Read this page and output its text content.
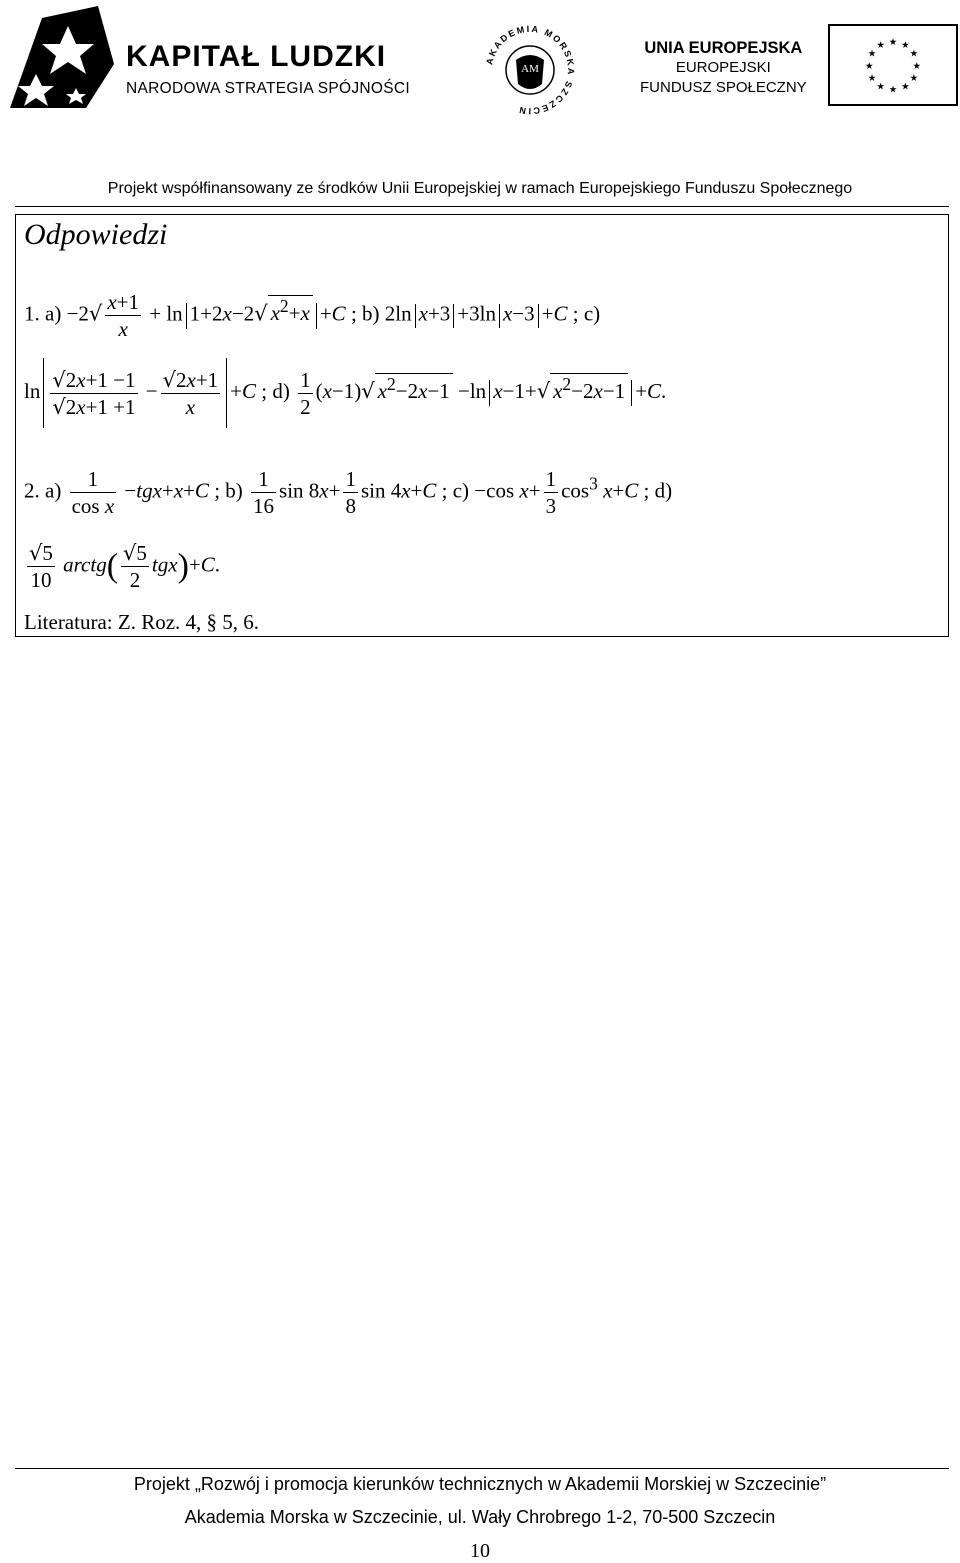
KAPITAŁ LUDZKI
NARODOWA STRATEGIA SPÓJNOŚCI
AKADEMIA MORSKA SZCZECIN
AM
UNIA EUROPEJSKA
EUROPEJSKI
FUNDUSZ SPOŁECZNY
★ ★
★
★
★
★
★
★
★
★
★
★
Projekt współfinansowany ze środków Unii Europejskiej w ramach Europejskiego Funduszu Społecznego
Odpowiedzi
1. $a) -2√ \frac{x+1}{x} + \ln 1+2x-2√$ $x^2+x +C$ ; b) 2ln x+3 +3ln x−3 +C ; c)
$\ln \frac{√2x+1 -1}{√2x+1 +1} - \frac{√2x+1}{x} +C$ ; $d) \frac{1}{2} (x-1)√$ $x^2-2x-1 -\ln$ x−1+√ $x^2-2x-1 +C$.
2. $a) \frac{1}{\text{cos x}} -tgx+x+C$ ; $b) \frac{1}{16}$ $\sin 8x+ \frac{1}{8}$ sin 4x+C ; c) −cos $x+ \frac{1}{3} \cos^3 x+C$ ; d)
$\frac{√5}{10}$ arctg( $\frac{√5}{2} tgx)+C$.
Literatura: Z. Roz. 4, § 5, 6.
Projekt „Rozwój i promocja kierunków technicznych w Akademii Morskiej w Szczecinie”
Akademia Morska w Szczecinie, ul. Wały Chrobrego 1-2, 70-500 Szczecin
10
